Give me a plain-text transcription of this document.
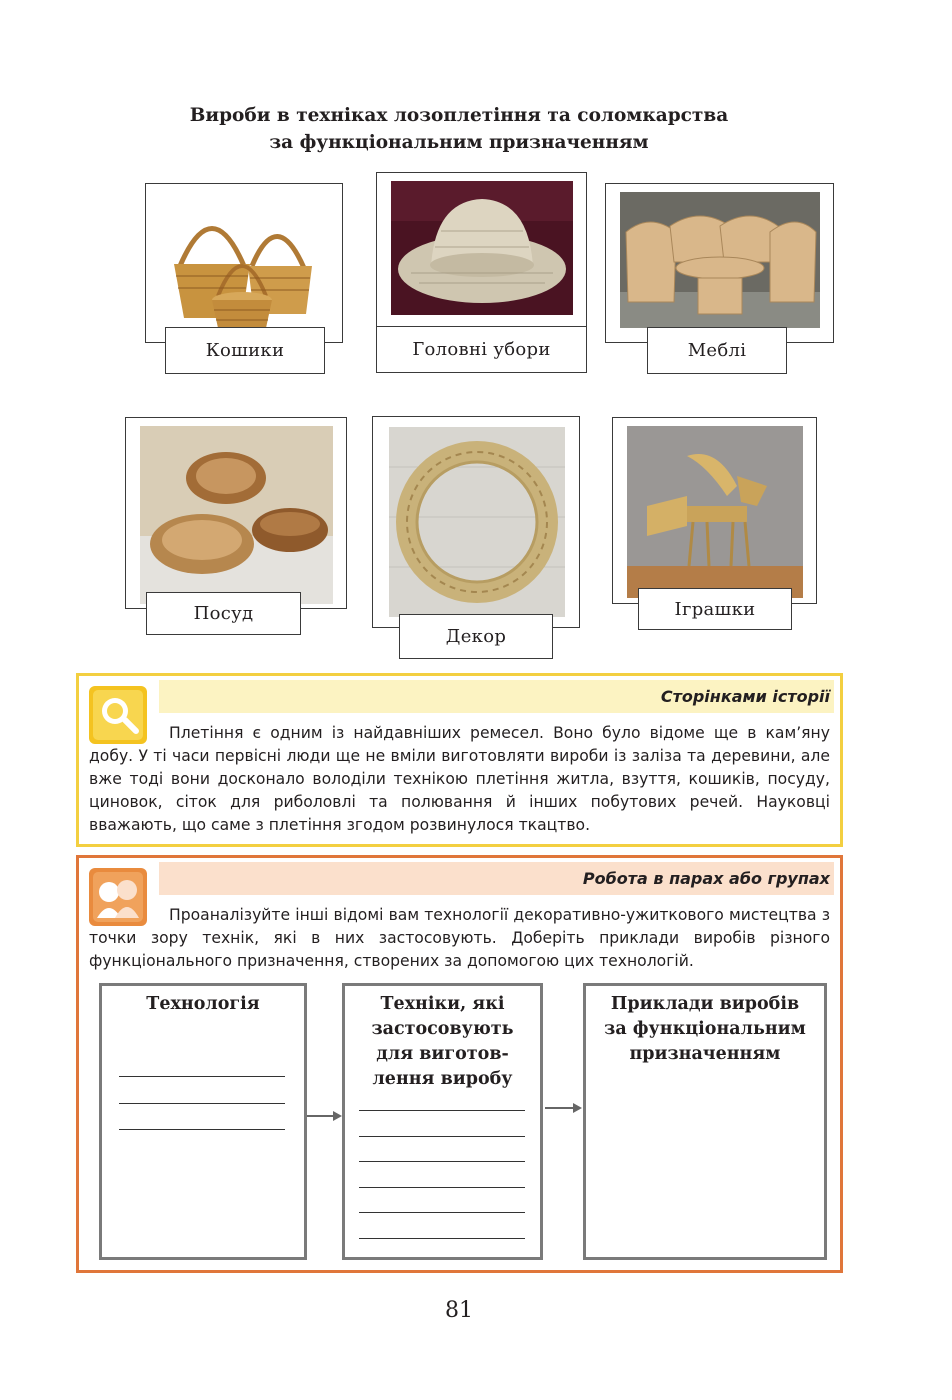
Вироби в техніках лозоплетіння та соломкарства
за функціональним призначенням
Кошики	Головні убори	Меблі
Посуд
Декор
Іграшки
Сторінками історії

Плетіння є одним із найдавніших ремесел. Воно було відоме ще в кам’яну добу. У ті часи первісні люди ще не вміли виготовляти вироби із заліза та деревини, але вже тоді вони досконало володіли технікою плетіння житла, взуття, кошиків, посуду, циновок, сіток для риболовлі та полювання й інших побутових речей. Науковці вважають, що саме з плетіння згодом розвинулося ткацтво.

Робота в парах або групах

Проаналізуйте інші відомі вам технології декоративно-ужиткового мистецтва з точки зору технік, які в них застосовують. Доберіть приклади виробів різного функціонального призначення, створених за допомогою цих технологій.

Технологія	Техніки, які
застосовують
для виготов-
лення виробу
Приклади виробів
за функціональним
призначенням
81
